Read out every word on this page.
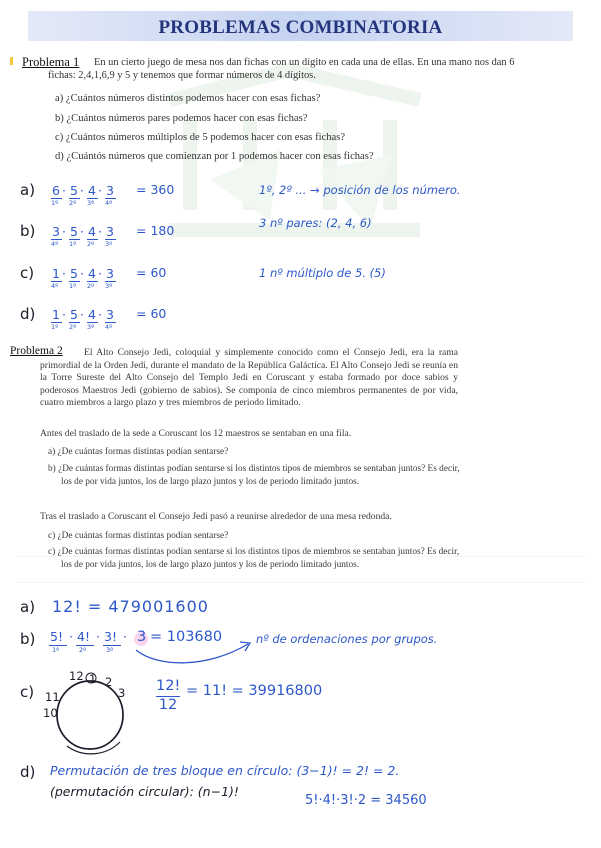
PROBLEMAS COMBINATORIA
Problema 1	En un cierto juego de mesa nos dan fichas con un dígito en cada una de ellas. En una mano nos dan 6 fichas: 2,4,1,6,9 y 5 y tenemos que formar números de 4 dígitos.
a) ¿Cuántos números distintos podemos hacer con esas fichas?
b) ¿Cuántos números pares podemos hacer con esas fichas?
c) ¿Cuántos números múltiplos de 5 podemos hacer con esas fichas?
d) ¿Cuántós números que comienzan por 1 podemos hacer con esas fichas?
a) 6
1º
· 5
2º
· 4
3º
· 3
4º
= 360
b) 3
4º
· 5
1º
· 4
2º
· 3
3º
= 180
c) 1
4º
· 5
1º
· 4
2º
· 3
3º
= 60
d) 1
1º
· 5
2º
· 4
3º
· 3
4º
= 60
1º, 2º ... → posición de los número.
3 nº pares: (2, 4, 6)
1 nº múltiplo de 5. (5)
Problema 2	El Alto Consejo Jedi, coloquial y simplemente conocido como el Consejo Jedi, era la rama primordial de la Orden Jedi, durante el mandato de la República Galáctica. El Alto Consejo Jedi se reunía en la Torre Sureste del Alto Consejo del Templo Jedi en Coruscant y estaba formado por doce sabios y poderosos Maestros Jedi (gobierno de sabios). Se componía de cinco miembros permanentes de por vida, cuatro miembros a largo plazo y tres miembros de periodo limitado.
Antes del traslado de la sede a Coruscant los 12 maestros se sentaban en una fila.
a) ¿De cuántas formas distintas podían sentarse?
b) ¿De cuántas formas distintas podían sentarse si los distintos tipos de miembros se sentaban juntos? Es decir, los de por vida juntos, los de largo plazo juntos y los de periodo limitado juntos.
Tras el traslado a Coruscant el Consejo Jedi pasó a reunirse alrededor de una mesa redonda.
c) ¿De cuántas formas distintas podían sentarse?
c) ¿De cuántas formas distintas podían sentarse si los distintos tipos de miembros se sentaban juntos? Es decir, los de por vida juntos, los de largo plazo juntos y los de periodo limitado juntos.
a) 12! = 479001600
b) 5!
1º
· 4!
2º
· 3!
3º
· 3 = 103680	nº de ordenaciones por grupos.
c)
12 1 2
3
11
10
12!
12
= 11! = 39916800
d) Permutación de tres bloque en círculo: (3−1)! = 2! = 2.
(permutación circular): (n−1)!
5!·4!·3!·2 = 34560
